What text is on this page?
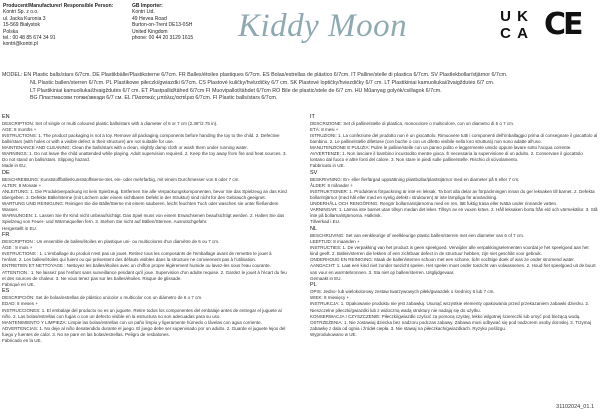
Producent/Manufacturer/ Responsible Person:
Kontri Sp. z o.o.
ul. Jacka Kuronia 3
15-569 Białystok
Polska
tel.: 00 48 85 674 34 91
kontri@kontri.pl
GB Importer:
Kontri Ltd.
49 Hevea Road
Burton-on-Trent DE13-0SH
United Kingdom
phone: 00 44 20 3129 1615	Kiddy Moon	U K
C A CE
MODEL: EN Plastic balls/stars 6/7cm. DE Plastikbälle/Plastiksterne 6/7cm. FR Balles/étoiles plastiques 6/7cm. ES Bolas/estrellas de plástico 6/7cm. IT Palline/stelle di plastica 6/7cm. SV Plastlekbollar/stjärnor 6/7cm.
NL Plastic ballen/sterren 6/7cm. PL Plastikowe piłeczki/gwiazdki 6/7cm. CS Plastové kuličky/hvězdičky 6/7 cm. SK Plastové loptičky/hviezdičky 6/7 cm. LT Plastikiniai kamuoliukai/žvaigždutės 6/7 cm.
LT Plastikiniai kamuoliukai/žvaigždutės 6/7 cm. ET Plastpallid/tähed 6/7cm FI Muovipallot/tähdet 6/7cm RO Bile de plastic/stele de 6/7 cm. HU Műanyag golyók/csillagok 6/7cm.
BG Пластмасови топки/звезди 6/7 см. EL Πλαστικές μπάλες/αστέρια 6/7cm. FI Plastic balls/stars 6/7cm.
EN

DESCRIPTION: Set of single or multi coloured plastic balls/stars with a diameter of 6 or 7 cm (2.36"/2.75 in).

AGE: 8 months +

INSTRUCTIONS: 1. The product packaging is not a toy. Remove all packaging components before handing the toy to the child. 2. Defective balls/stars (with holes or with a visible defect in their structure) are not suitable for use.

MAINTENANCE AND CLEANING: Clean the balls/stars with a clean, slightly damp cloth or wash them under running water.

WARNINGS: 1. Do not leave the child unattended while playing. Adult supervision required. 2. Keep the toy away from fire and heat sources. 3. Do not stand on balls/stars. Slipping hazard.

Made in EU.

DE

BESCHREIBUNG: Kunststoffbälle/Kunststoffsterne-Set, ein- oder mehrfarbig, mit einem Durchmesser von 6 oder 7 cm.

ALTER: 8 Monate +

ANLEITUNG: 1. Die Produktverpackung ist kein Spielzeug. Entfernen Sie alle Verpackungskomponenten, bevor Sie das Spielzeug an das Kind übergeben. 2. Defekte Bälle/Sterne (mit Löchern oder einem sichtbaren Defekt in der Struktur) sind nicht für den Gebrauch geeignet.

WARTUNG UND REINIGUNG: Reinigen Sie die Bälle/Sterne mit einem sauberen, leicht feuchten Tuch oder waschen sie unter fließendem Wasser.

WARNUNGEN: 1. Lassen Sie Ihr Kind nicht unbeaufsichtigt. Das Spiel muss von einem Erwachsenen beaufsichtigt werden. 2. Halten Sie das Spielzeug von Feuer- und Wärmequellen fern. 3. Stehen Sie nicht auf Bällen/Sternen. Ausrutschgefahr.

Hergestellt in EU.

FR

DESCRIPTION : Un ensemble de balles/étoiles en plastique uni- ou multicolores d'un diamètre de 6 ou 7 cm.

ÂGE : 8 mois +

INSTRUCTIONS : 1. L'emballage du produit n'est pas un jouet. Retirez tous les composants de l'emballage avant de remettre le jouet à l'enfant. 2. Les balles/étoiles qui fuient ou qui présentent des défauts visibles dans la structure ne conviennent pas à l'utilisation.

ENTRETIEN ET NETTOYAGE : Nettoyez les balles/étoiles avec un chiffon propre légèrement humide ou lavez-les sous l'eau courante.

ATTENTION : 1. Ne laissez pas l'enfant sans surveillance pendant qu'il joue. Supervision d'un adulte requise. 2. Gardez le jouet à l'écart du feu et des sources de chaleur. 3. Ne vous tenez pas sur les balles/étoiles. Risque de glissade.

Fabriqué en UE.

ES

DESCRIPCIÓN: Set de bolas/estrellas de plástico unicolor o multicolor con un diámetro de 6 o 7 cm.

EDAD: 8 meses +

INSTRUCCIONES: 1. El embalaje del producto no es un juguete. Retire todos los componentes del embalaje antes de entregar el juguete al niño. 2. Las bolas/estrellas con fugas o con un defecto visible en la estructura no son adecuadas para su uso.

MANTENIMIENTO Y LIMPIEZA: Limpie las bolas/estrellas con un paño limpio y ligeramente húmedo o lávelas con agua corriente.

ADVERTENCIAS: 1. No deje al niño desatendido durante el juego. El juego debe ser supervisado por un adulto. 2. Guarde el juguete lejos del fuego y fuentes de calor. 3. No se pare en las bolas/estrellas. Peligro de resbalones.

Fabricado en la UE.

IT

DESCRIZIONE: Set di palline/stelle di plastica, monocolore o multicolore, con un diametro di 6 o 7 cm.

ETÀ: 8 mesi +

ISTRUZIONI: 1. La confezione del prodotto non è un giocattolo. Rimuovere tutti i componenti dell'imballaggio prima di consegnare il giocattolo al bambino. 2. Le palline/stelle difettose (con buche o con un difetto visibile nella loro struttura) non sono adatte all'uso.

MANUTENZIONE E PULIZIA: Pulire le palline/stelle con un panno pulito e leggermente umido oppure lavare sotto l'acqua corrente.

AVVERTENZE: 1. Non lasciare il bambino incustodito mentre gioca. È necessaria la supervisione di un adulto. 2. Conservare il giocattolo lontano dal fuoco e altre fonti del calore. 3. Non stare in piedi sulle palline/stelle. Rischio di scivolamento.

Fabbricato in UE.

SV

BESKRIVNING: En- eller flerfärgad uppsättning plastbollar/plaststjärnor med en diameter på 6 eller 7 cm.

ÅLDER: 8 månader +

INSTRUKTIONER: 1. Produktens förpackning är inte en leksak. Ta bort alla delar av förpackningen innan du ger leksaken till barnet. 2. Defekta bollar/stjärnor (med hål eller med en synlig defekt i strukturen) är inte lämpliga för användning.

UNDERHÅLL OCH RENGÖRING: Rengör bollarna/stjärnorna med en ren, lätt fuktig trasa eller tvätta under rinnande vatten.

VARNINGAR: 1. Lämna inte barnet utan tillsyn medan det leker. Tillsyn av en vuxen krävs. 2. Håll leksaken borta från eld och värmekällor. 3. Stå inte på bollarna/stjärnorna. Halkrisk.

Tillverkad i EU.

NL

BESCHRIJVING: Set van eenkleurige of veelkleurige plastic ballen/sterren met een diameter van 6 of 7 cm.

LEEFTIJD: 8 maanden +

INSTRUCTIES: 1. De verpakking van het product is geen speelgoed. Verwijder alle verpakkingselementen voordat je het speelgoed aan het kind geeft. 2. Ballen/sterren die lekken of een zichtbaar defect in de structuur hebben, zijn niet geschikt voor gebruik.

ONDERHOUD EN REINIGING: Maak de ballen/sterren schoon met een schone, licht vochtige doek of was ze onder stromend water.

AANDACHT: 1. Laat een kind niet zonder toezicht spelen. Het spelen moet onder toezicht van volwassenen. 2. Houd het speelgoed uit de buurt van vuur en warmtebronnen. 3. Sta niet op ballen/sterren. Uitglijdgevaar.

Gemaakt in EU.

PL

OPIS: Jedno- lub wielokolorowy zestaw twarzywowych piłek/gwiazdek o średnicy 6 lub 7 cm.

WIEK: 8 miesięcy +

INSTRUKCJA: 1. Opakowanie produktu nie jest zabawką. Usunąć wszystkie elementy opakowania przed przekazaniem zabawki dziecku. 2. Nieszczelne piłeczki/gwiazdki lub z widoczną wadą struktury nie nadają się do użytku.

KONSERWACJA I CZYSZCZENIE: Piłeczki/gwiazdki czyścić za pomocą czystej, lekko wilgotnej ściereczki lub umyć pod bieżącą wodą.

OSTRZEŻENIA: 1. Nie zostawiaj dziecka bez nadzoru podczas zabawy. Zabawa musi odbywać się pod nadzorem osoby dorosłej. 2. Trzymaj zabawkę z dala od ognia i źródeł ciepła. 3. Nie stawaj na piłeczkach/gwiazdkach. Ryzyko poślizgu.

Wyprodukowano w UE.

31102024_01.1
